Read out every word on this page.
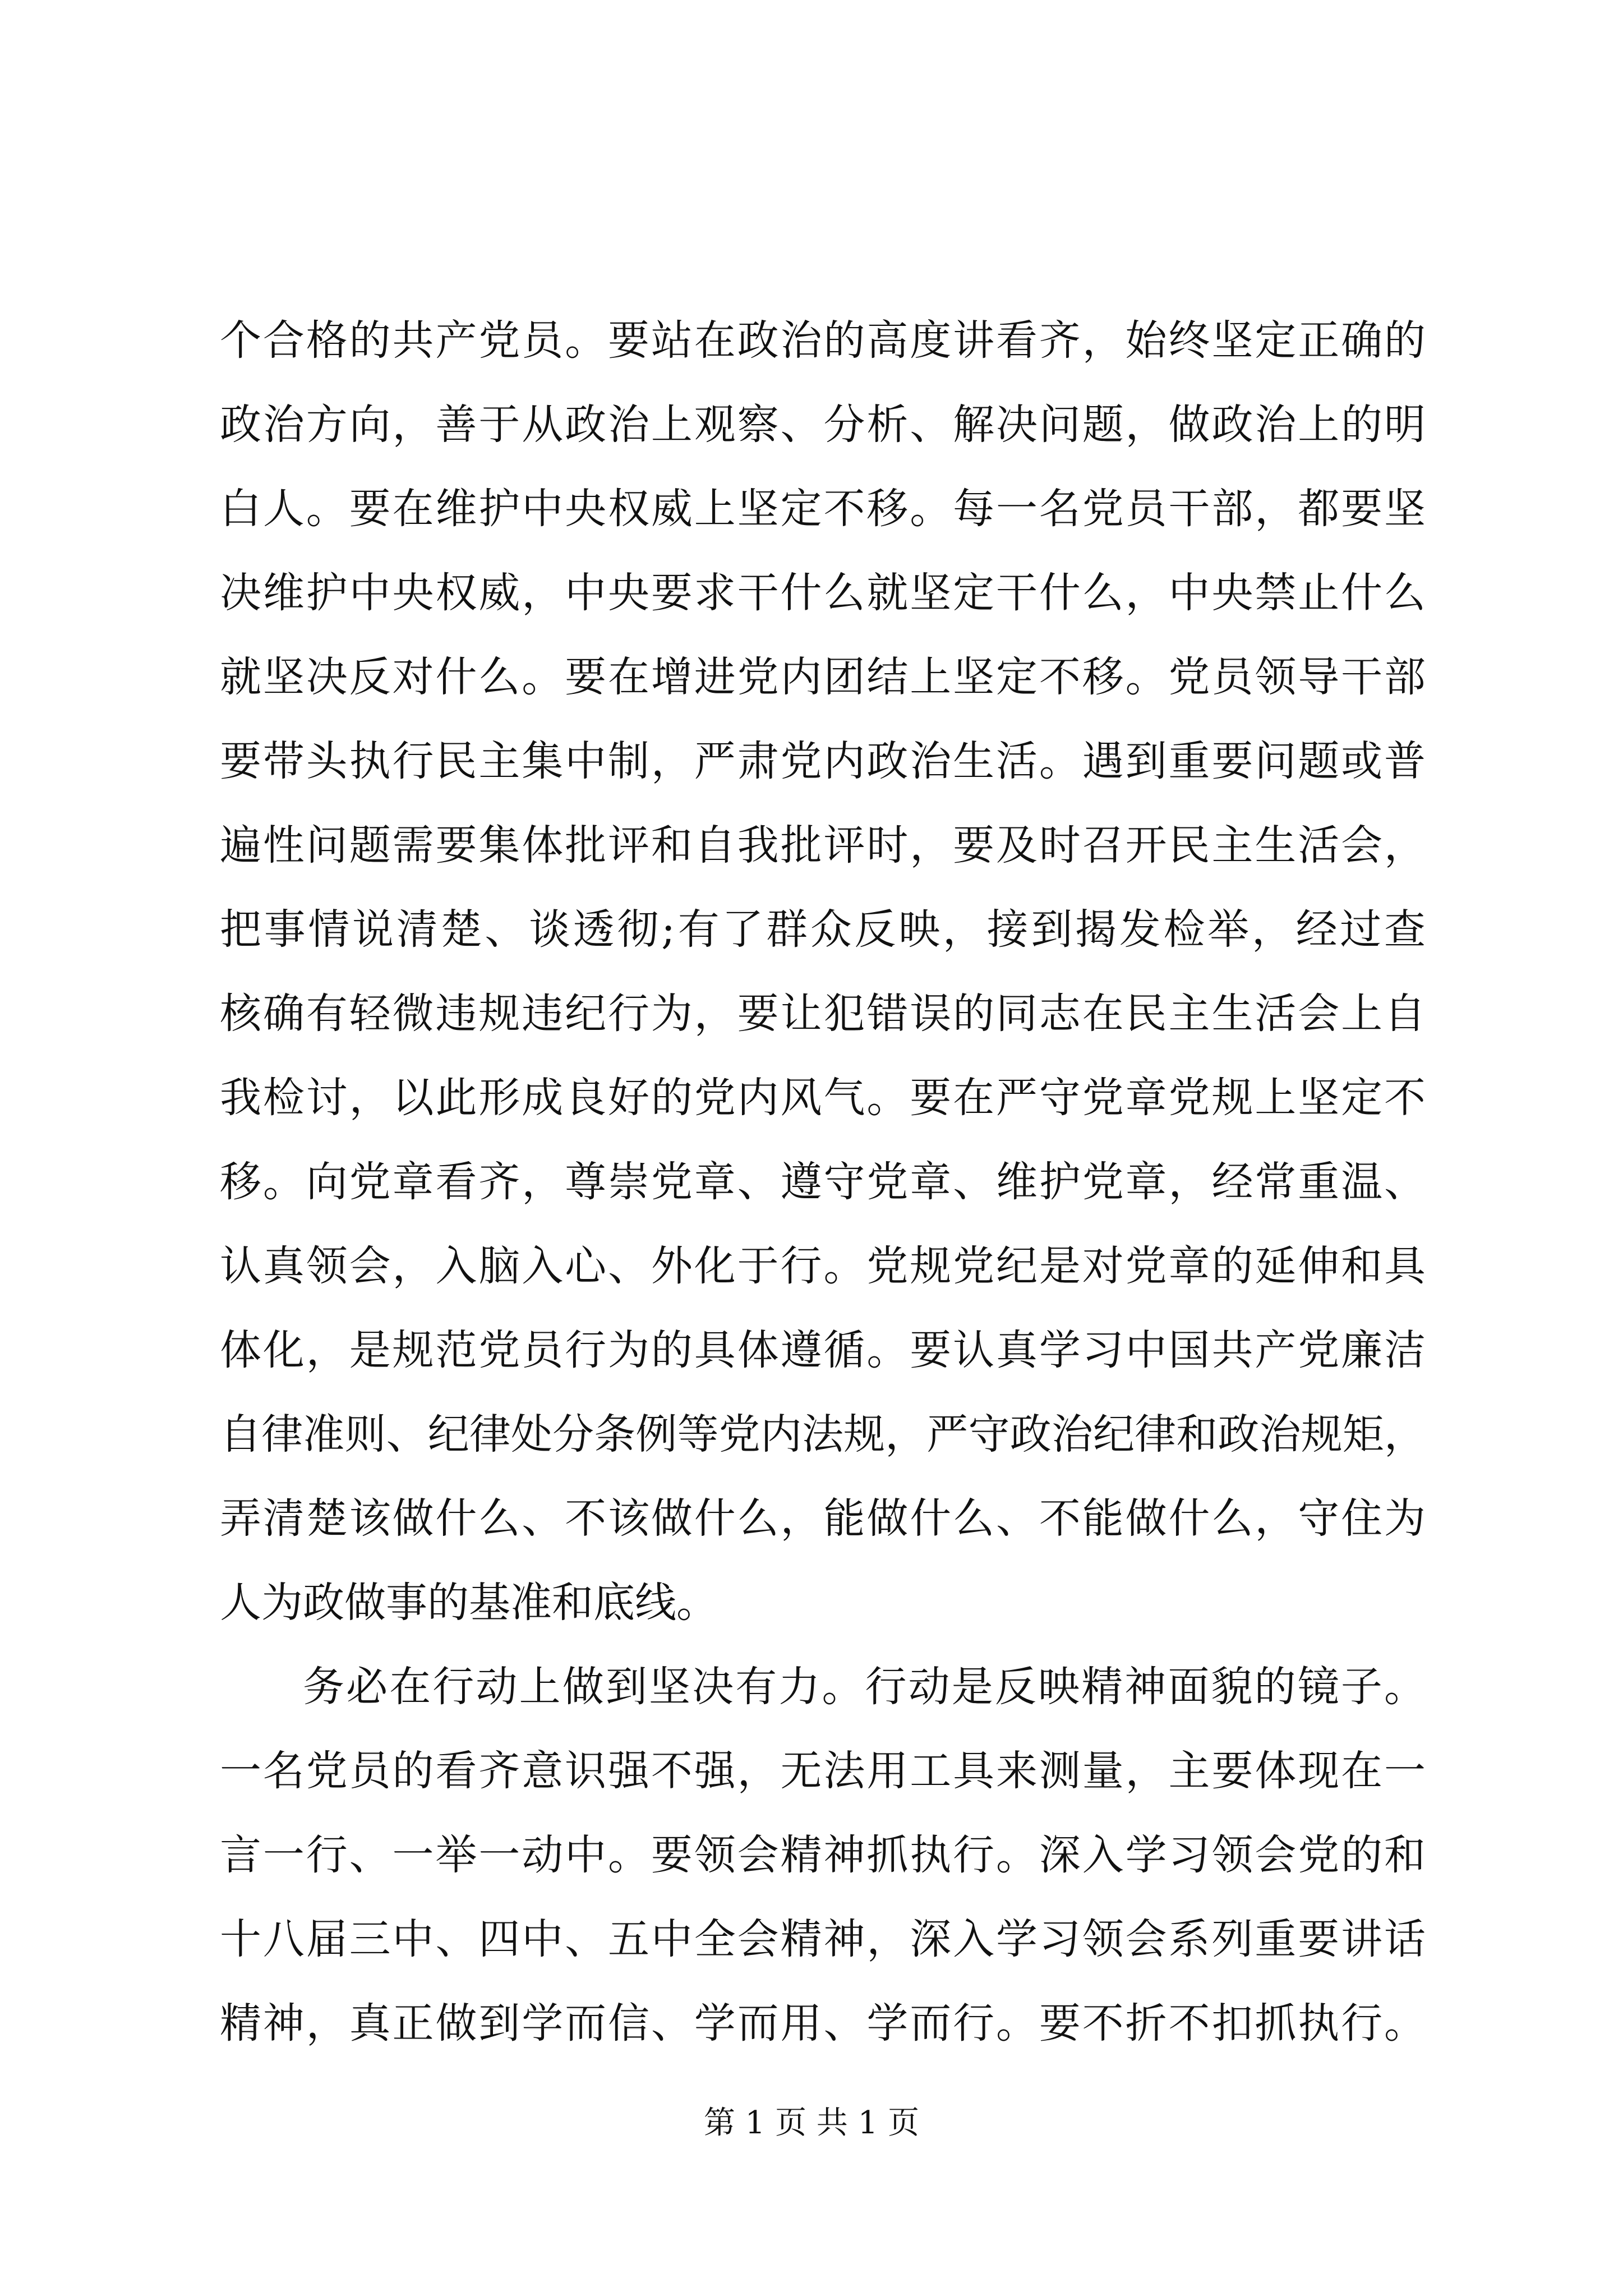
个合格的共产党员。要站在政治的高度讲看齐，始终坚定正确的
政治方向，善于从政治上观察、分析、解决问题，做政治上的明
白人。要在维护中央权威上坚定不移。每一名党员干部，都要坚
决维护中央权威，中央要求干什么就坚定干什么，中央禁止什么
就坚决反对什么。要在增进党内团结上坚定不移。党员领导干部
要带头执行民主集中制，严肃党内政治生活。遇到重要问题或普
遍性问题需要集体批评和自我批评时，要及时召开民主生活会，
把事情说清楚、谈透彻;有了群众反映，接到揭发检举，经过查
核确有轻微违规违纪行为，要让犯错误的同志在民主生活会上自
我检讨，以此形成良好的党内风气。要在严守党章党规上坚定不
移。向党章看齐，尊崇党章、遵守党章、维护党章，经常重温、
认真领会，入脑入心、外化于行。党规党纪是对党章的延伸和具
体化，是规范党员行为的具体遵循。要认真学习中国共产党廉洁
自律准则、纪律处分条例等党内法规，严守政治纪律和政治规矩，
弄清楚该做什么、不该做什么，能做什么、不能做什么，守住为
人为政做事的基准和底线。
务必在行动上做到坚决有力。行动是反映精神面貌的镜子。
一名党员的看齐意识强不强，无法用工具来测量，主要体现在一
言一行、一举一动中。要领会精神抓执行。深入学习领会党的和
十八届三中、四中、五中全会精神，深入学习领会系列重要讲话
精神，真正做到学而信、学而用、学而行。要不折不扣抓执行。
第 1 页 共 1 页
